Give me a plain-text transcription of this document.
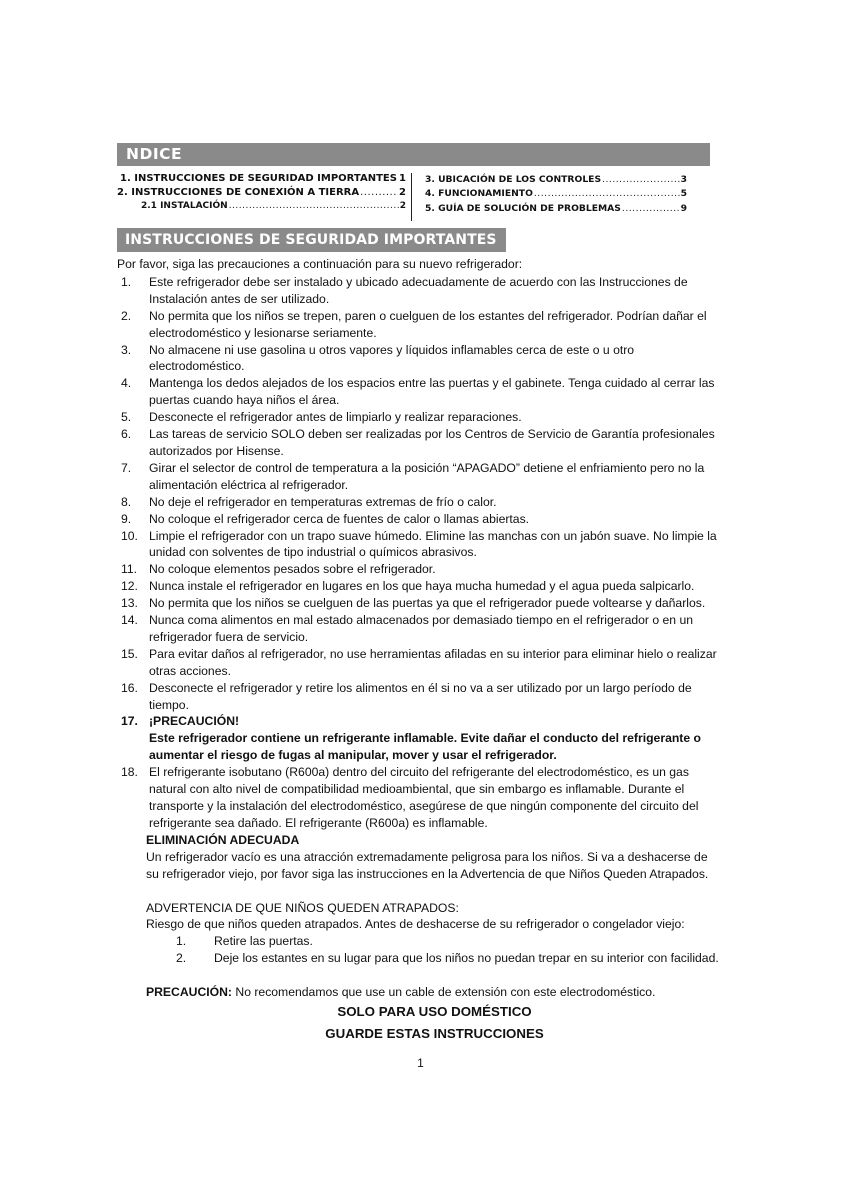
NDICE
1. INSTRUCCIONES DE SEGURIDAD IMPORTANTES ..... 1
2. INSTRUCCIONES DE CONEXIÓN A TIERRA .....	2
2.1 INSTALACIÓN .....	2
3. UBICACIÓN DE LOS CONTROLES .....	3
4. FUNCIONAMIENTO .....	5
5. GUÍA DE SOLUCIÓN DE PROBLEMAS .....	9
INSTRUCCIONES DE SEGURIDAD IMPORTANTES

Por favor, siga las precauciones a continuación para su nuevo refrigerador:

1. Este refrigerador debe ser instalado y ubicado adecuadamente de acuerdo con las Instrucciones de Instalación antes de ser utilizado.
2. No permita que los niños se trepen, paren o cuelguen de los estantes del refrigerador. Podrían dañar el electrodoméstico y lesionarse seriamente.
3. No almacene ni use gasolina u otros vapores y líquidos inflamables cerca de este o u otro electrodoméstico.
4. Mantenga los dedos alejados de los espacios entre las puertas y el gabinete. Tenga cuidado al cerrar las puertas cuando haya niños el área.
5. Desconecte el refrigerador antes de limpiarlo y realizar reparaciones.
6. Las tareas de servicio SOLO deben ser realizadas por los Centros de Servicio de Garantía profesionales autorizados por Hisense.
7. Girar el selector de control de temperatura a la posición “APAGADO” detiene el enfriamiento pero no la alimentación eléctrica al refrigerador.
8. No deje el refrigerador en temperaturas extremas de frío o calor.
9. No coloque el refrigerador cerca de fuentes de calor o llamas abiertas.
10. Limpie el refrigerador con un trapo suave húmedo. Elimine las manchas con un jabón suave. No limpie la unidad con solventes de tipo industrial o químicos abrasivos.
11. No coloque elementos pesados sobre el refrigerador.
12. Nunca instale el refrigerador en lugares en los que haya mucha humedad y el agua pueda salpicarlo.
13. No permita que los niños se cuelguen de las puertas ya que el refrigerador puede voltearse y dañarlos.
14. Nunca coma alimentos en mal estado almacenados por demasiado tiempo en el refrigerador o en un refrigerador fuera de servicio.
15. Para evitar daños al refrigerador, no use herramientas afiladas en su interior para eliminar hielo o realizar otras acciones.
16. Desconecte el refrigerador y retire los alimentos en él si no va a ser utilizado por un largo período de tiempo.
17. ¡PRECAUCIÓN!
Este refrigerador contiene un refrigerante inflamable. Evite dañar el conducto del refrigerante o aumentar el riesgo de fugas al manipular, mover y usar el refrigerador.
18. El refrigerante isobutano (R600a) dentro del circuito del refrigerante del electrodoméstico, es un gas natural con alto nivel de compatibilidad medioambiental, que sin embargo es inflamable. Durante el transporte y la instalación del electrodoméstico, asegúrese de que ningún componente del circuito del refrigerante sea dañado. El refrigerante (R600a) es inflamable.
ELIMINACIÓN ADECUADA
Un refrigerador vacío es una atracción extremadamente peligrosa para los niños. Si va a deshacerse de su refrigerador viejo, por favor siga las instrucciones en la Advertencia de que Niños Queden Atrapados.
ADVERTENCIA DE QUE NIÑOS QUEDEN ATRAPADOS:
Riesgo de que niños queden atrapados. Antes de deshacerse de su refrigerador o congelador viejo:
1. Retire las puertas.
2. Deje los estantes en su lugar para que los niños no puedan trepar en su interior con facilidad.
PRECAUCIÓN: No recomendamos que use un cable de extensión con este electrodoméstico.
SOLO PARA USO DOMÉSTICO
GUARDE ESTAS INSTRUCCIONES
1
